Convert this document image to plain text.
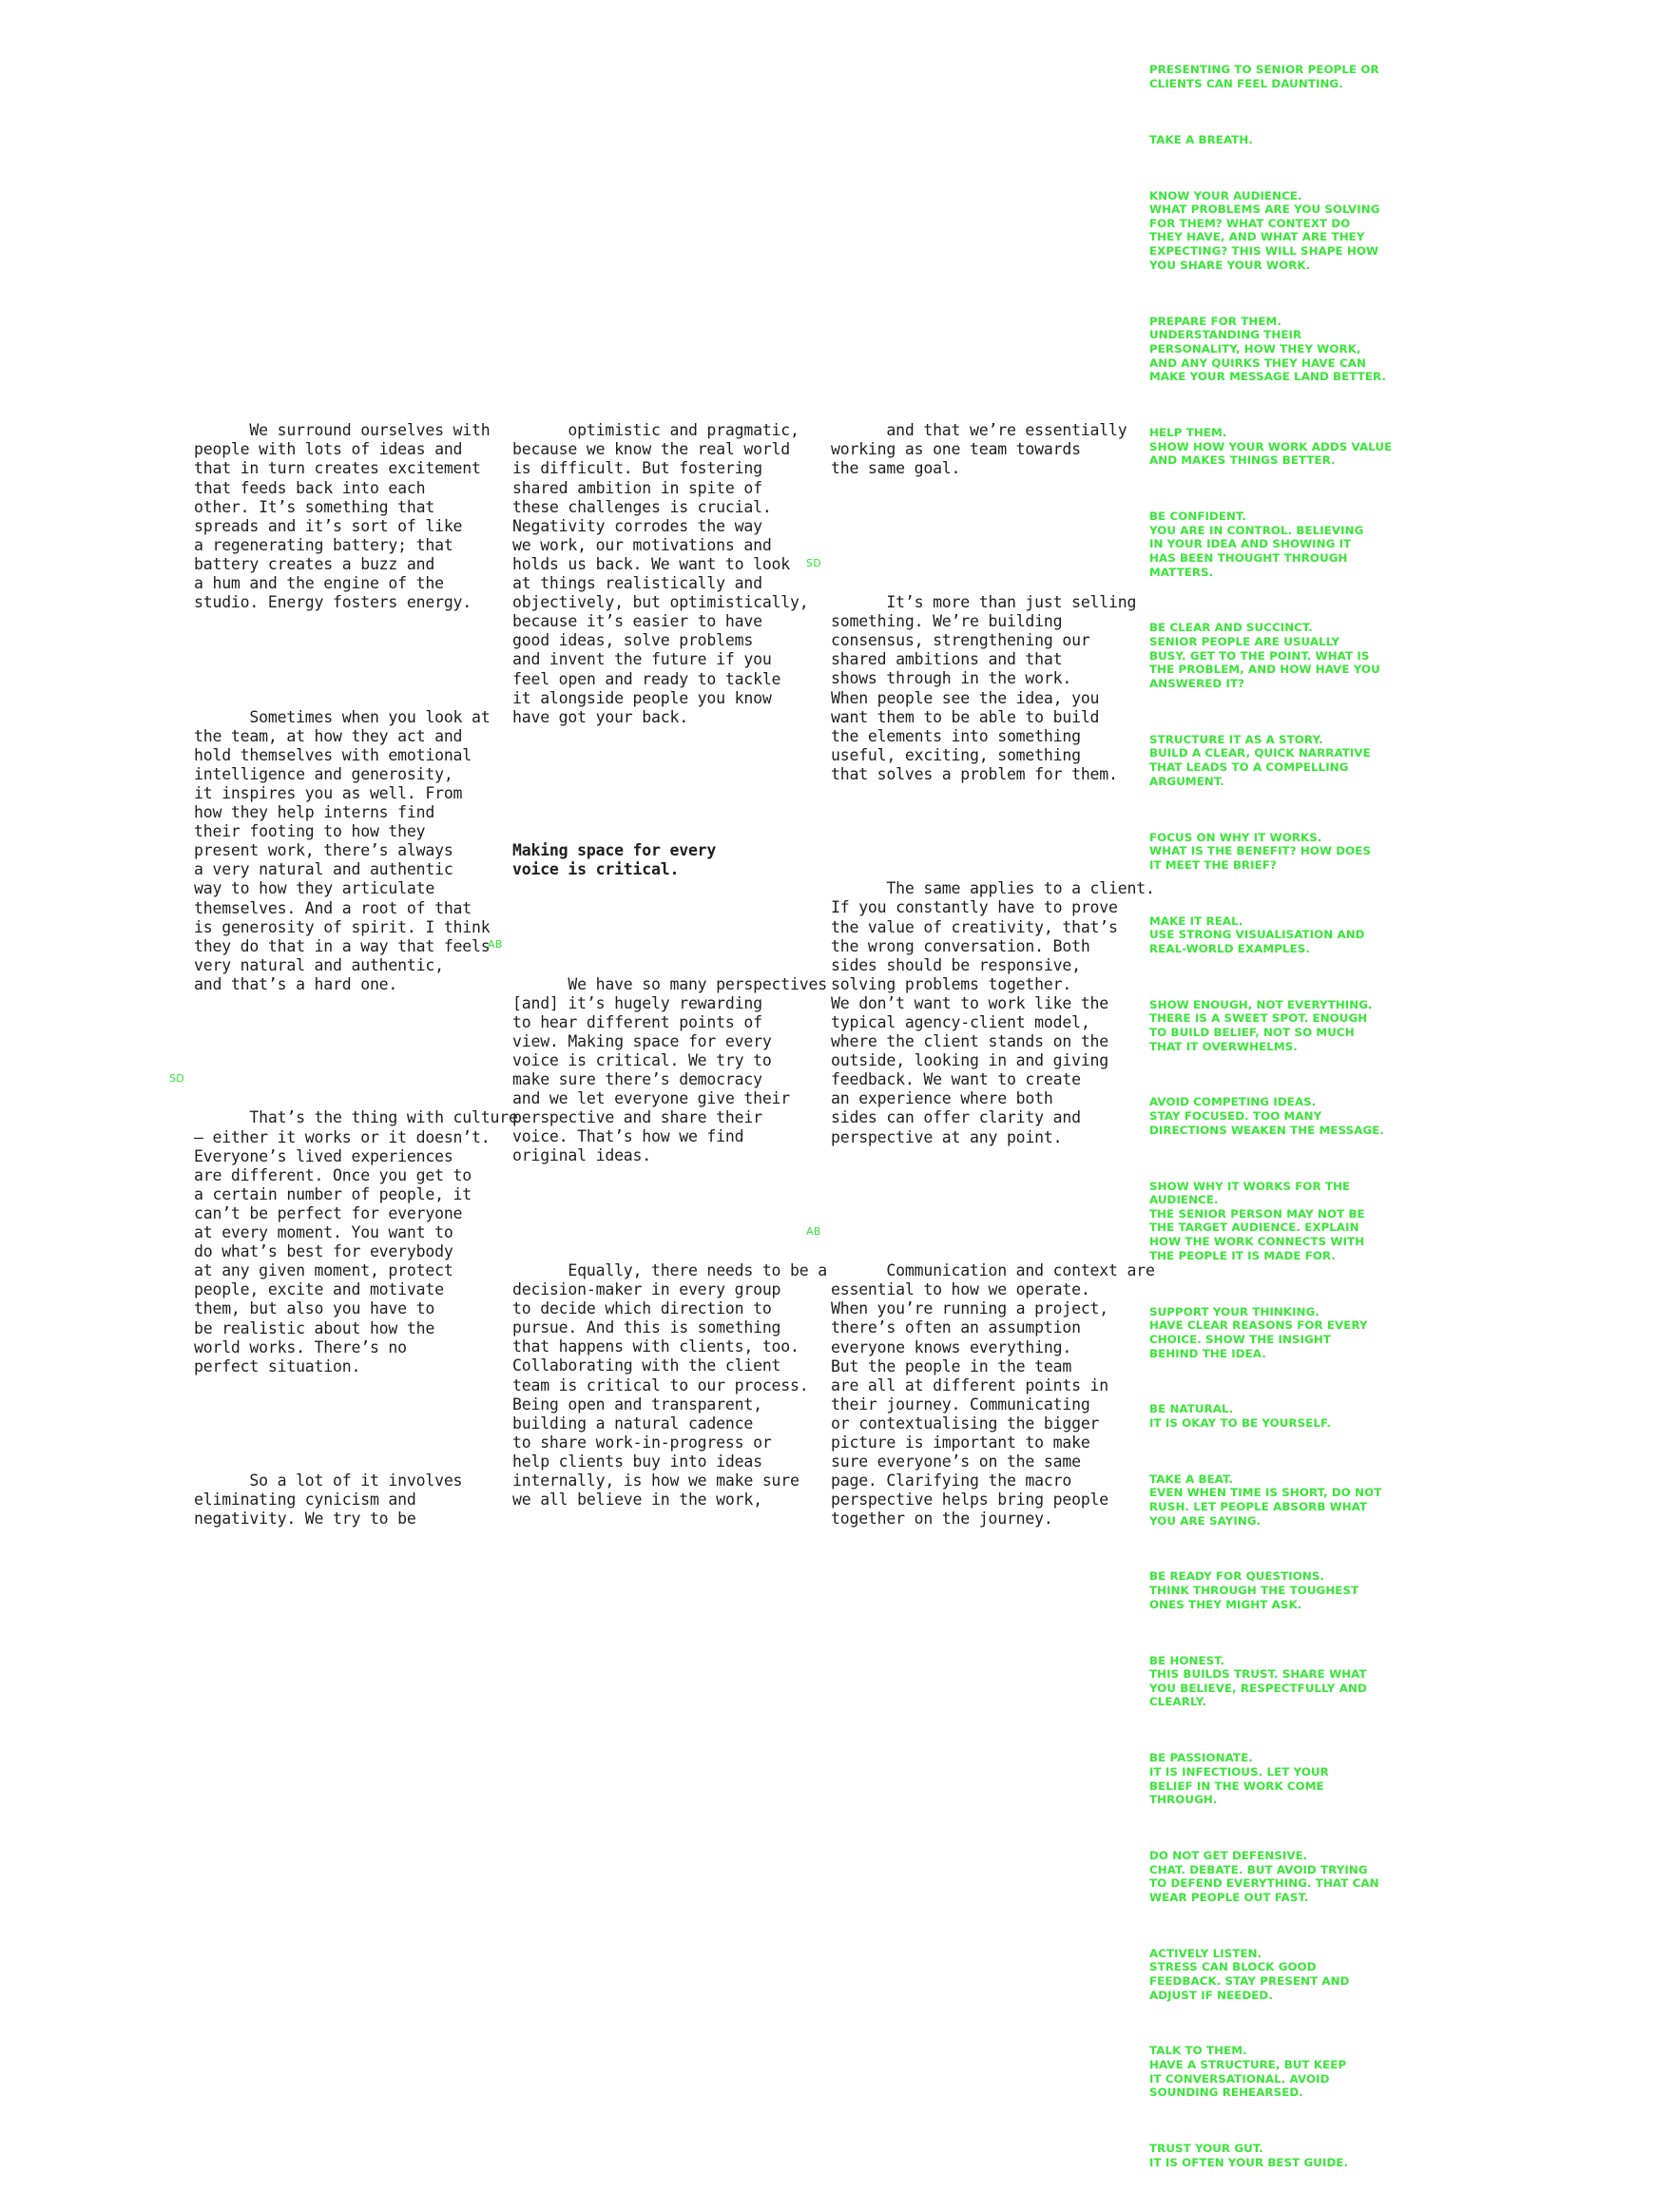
We surround ourselves with
people with lots of ideas and
that in turn creates excitement
that feeds back into each
other. It’s something that
spreads and it’s sort of like
a regenerating battery; that
battery creates a buzz and
a hum and the engine of the
studio. Energy fosters energy.

Sometimes when you look at
the team, at how they act and
hold themselves with emotional
intelligence and generosity,
it inspires you as well. From
how they help interns find
their footing to how they
present work, there’s always
a very natural and authentic
way to how they articulate
themselves. And a root of that
is generosity of spirit. I think
they do that in a way that feels
very natural and authentic,
and that’s a hard one.

SD

That’s the thing with culture
– either it works or it doesn’t.
Everyone’s lived experiences
are different. Once you get to
a certain number of people, it
can’t be perfect for everyone
at every moment. You want to
do what’s best for everybody
at any given moment, protect
people, excite and motivate
them, but also you have to
be realistic about how the
world works. There’s no
perfect situation.

So a lot of it involves
eliminating cynicism and
negativity. We try to be

optimistic and pragmatic,
because we know the real world
is difficult. But fostering
shared ambition in spite of
these challenges is crucial.
Negativity corrodes the way
we work, our motivations and
holds us back. We want to look
at things realistically and
objectively, but optimistically,
because it’s easier to have
good ideas, solve problems
and invent the future if you
feel open and ready to tackle
it alongside people you know
have got your back.

Making space for every
voice is critical.

AB

We have so many perspectives
[and] it’s hugely rewarding
to hear different points of
view. Making space for every
voice is critical. We try to
make sure there’s democracy
and we let everyone give their
perspective and share their
voice. That’s how we find
original ideas.

Equally, there needs to be a
decision-maker in every group
to decide which direction to
pursue. And this is something
that happens with clients, too.
Collaborating with the client
team is critical to our process.
Being open and transparent,
building a natural cadence
to share work-in-progress or
help clients buy into ideas
internally, is how we make sure
we all believe in the work,

and that we’re essentially
working as one team towards
the same goal.

SD

It’s more than just selling
something. We’re building
consensus, strengthening our
shared ambitions and that
shows through in the work.
When people see the idea, you
want them to be able to build
the elements into something
useful, exciting, something
that solves a problem for them.

The same applies to a client.
If you constantly have to prove
the value of creativity, that’s
the wrong conversation. Both
sides should be responsive,
solving problems together.
We don’t want to work like the
typical agency-client model,
where the client stands on the
outside, looking in and giving
feedback. We want to create
an experience where both
sides can offer clarity and
perspective at any point.

AB

Communication and context are
essential to how we operate.
When you’re running a project,
there’s often an assumption
everyone knows everything.
But the people in the team
are all at different points in
their journey. Communicating
or contextualising the bigger
picture is important to make
sure everyone’s on the same
page. Clarifying the macro
perspective helps bring people
together on the journey.

PRESENTING TO SENIOR PEOPLE OR
CLIENTS CAN FEEL DAUNTING.

TAKE A BREATH.

KNOW YOUR AUDIENCE.
WHAT PROBLEMS ARE YOU SOLVING
FOR THEM? WHAT CONTEXT DO
THEY HAVE, AND WHAT ARE THEY
EXPECTING? THIS WILL SHAPE HOW
YOU SHARE YOUR WORK.

PREPARE FOR THEM.
UNDERSTANDING THEIR
PERSONALITY, HOW THEY WORK,
AND ANY QUIRKS THEY HAVE CAN
MAKE YOUR MESSAGE LAND BETTER.

HELP THEM.
SHOW HOW YOUR WORK ADDS VALUE
AND MAKES THINGS BETTER.

BE CONFIDENT.
YOU ARE IN CONTROL. BELIEVING
IN YOUR IDEA AND SHOWING IT
HAS BEEN THOUGHT THROUGH
MATTERS.

BE CLEAR AND SUCCINCT.
SENIOR PEOPLE ARE USUALLY
BUSY. GET TO THE POINT. WHAT IS
THE PROBLEM, AND HOW HAVE YOU
ANSWERED IT?

STRUCTURE IT AS A STORY.
BUILD A CLEAR, QUICK NARRATIVE
THAT LEADS TO A COMPELLING
ARGUMENT.

FOCUS ON WHY IT WORKS.
WHAT IS THE BENEFIT? HOW DOES
IT MEET THE BRIEF?

MAKE IT REAL.
USE STRONG VISUALISATION AND
REAL-WORLD EXAMPLES.

SHOW ENOUGH, NOT EVERYTHING.
THERE IS A SWEET SPOT. ENOUGH
TO BUILD BELIEF, NOT SO MUCH
THAT IT OVERWHELMS.

AVOID COMPETING IDEAS.
STAY FOCUSED. TOO MANY
DIRECTIONS WEAKEN THE MESSAGE.

SHOW WHY IT WORKS FOR THE
AUDIENCE.
THE SENIOR PERSON MAY NOT BE
THE TARGET AUDIENCE. EXPLAIN
HOW THE WORK CONNECTS WITH
THE PEOPLE IT IS MADE FOR.

SUPPORT YOUR THINKING.
HAVE CLEAR REASONS FOR EVERY
CHOICE. SHOW THE INSIGHT
BEHIND THE IDEA.

BE NATURAL.
IT IS OKAY TO BE YOURSELF.

TAKE A BEAT.
EVEN WHEN TIME IS SHORT, DO NOT
RUSH. LET PEOPLE ABSORB WHAT
YOU ARE SAYING.

BE READY FOR QUESTIONS.
THINK THROUGH THE TOUGHEST
ONES THEY MIGHT ASK.

BE HONEST.
THIS BUILDS TRUST. SHARE WHAT
YOU BELIEVE, RESPECTFULLY AND
CLEARLY.

BE PASSIONATE.
IT IS INFECTIOUS. LET YOUR
BELIEF IN THE WORK COME
THROUGH.

DO NOT GET DEFENSIVE.
CHAT. DEBATE. BUT AVOID TRYING
TO DEFEND EVERYTHING. THAT CAN
WEAR PEOPLE OUT FAST.

ACTIVELY LISTEN.
STRESS CAN BLOCK GOOD
FEEDBACK. STAY PRESENT AND
ADJUST IF NEEDED.

TALK TO THEM.
HAVE A STRUCTURE, BUT KEEP
IT CONVERSATIONAL. AVOID
SOUNDING REHEARSED.

TRUST YOUR GUT.
IT IS OFTEN YOUR BEST GUIDE.
